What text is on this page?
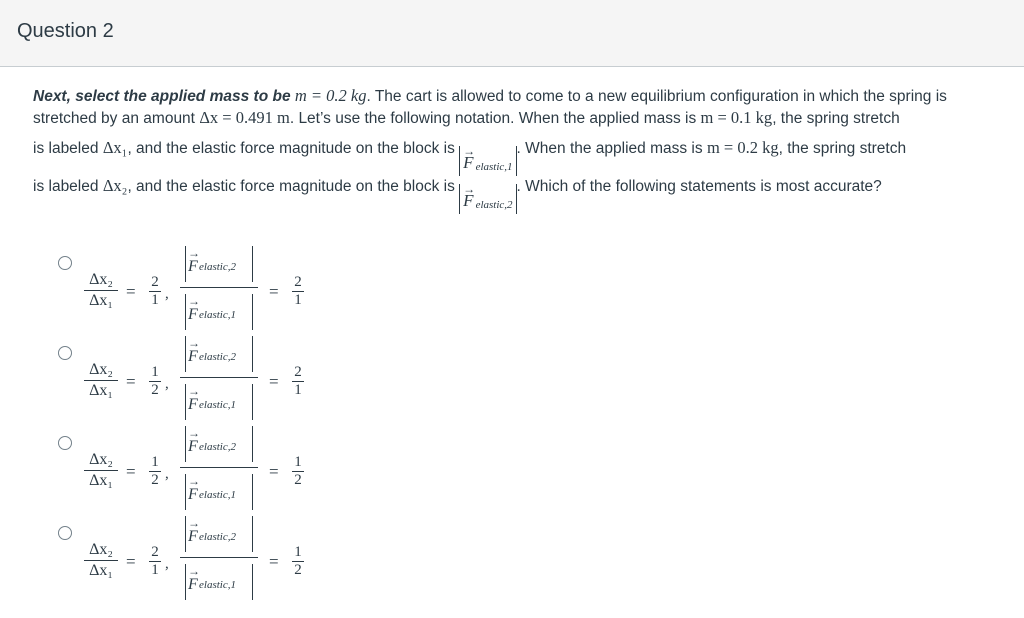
Question 2
Next, select the applied mass to be m = 0.2 kg. The cart is allowed to come to a new equilibrium configuration in which the spring is
stretched by an amount Δx = 0.491 m. Let’s use the following notation. When the applied mass is m = 0.1 kg, the spring stretch
is labeled Δx₁, and the elastic force magnitude on the block is → F $_{elastic,1}$. When the applied mass is m = 0.2 kg, the spring stretch
is labeled Δx₂, and the elastic force magnitude on the block is → F $_{elastic,2}$. Which of the following statements is most accurate?
Δx₂
Δx₁ = 2
1 ,
→ F elastic,2
→ F elastic,1
= 2
1
Δx₂
Δx₁ = 1
2 ,
→ F elastic,2
→ F elastic,1
= 2
1
Δx₂
Δx₁ = 1
2 ,
→ F elastic,2
→ F elastic,1
= 1
2
Δx₂
Δx₁ = 2
1 ,
→ F elastic,2
→ F elastic,1
= 1
2
